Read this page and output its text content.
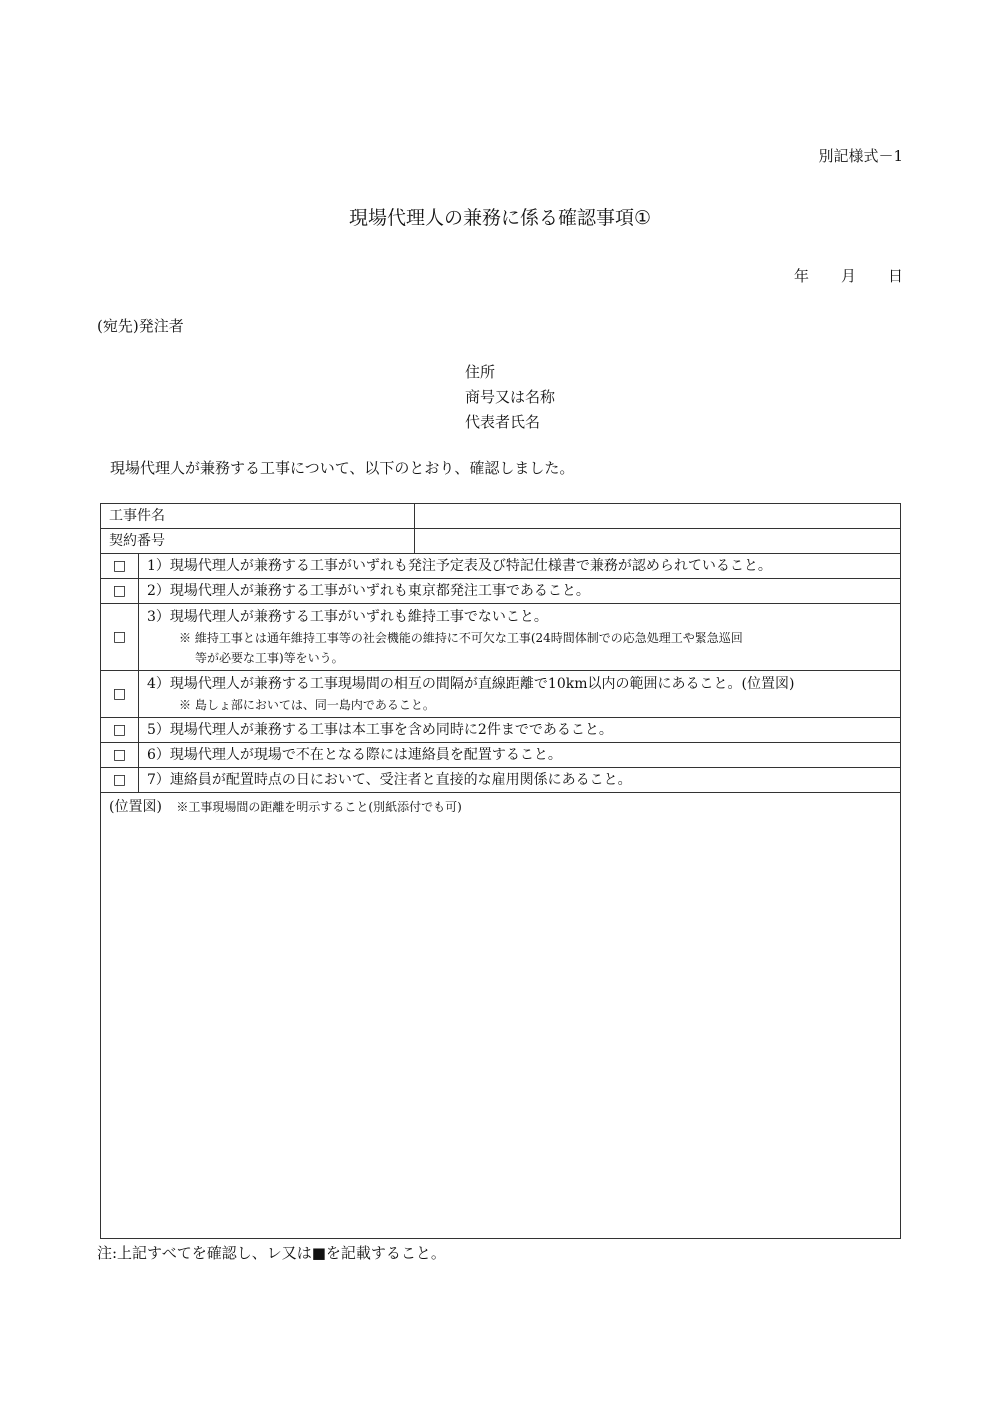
別記様式－1
現場代理人の兼務に係る確認事項①
年 月 日
(宛先)発注者
住所
商号又は名称
代表者氏名
現場代理人が兼務する工事について、以下のとおり、確認しました。
工事件名		
契約番号		
□	1）現場代理人が兼務する工事がいずれも発注予定表及び特記仕様書で兼務が認められていること。	
□	2）現場代理人が兼務する工事がいずれも東京都発注工事であること。	
□	3）現場代理人が兼務する工事がいずれも維持工事でないこと。
※ 維持工事とは通年維持工事等の社会機能の維持に不可欠な工事(24時間体制での応急処理工や緊急巡回
等が必要な工事)等をいう。	

□	4）現場代理人が兼務する工事現場間の相互の間隔が直線距離で10km以内の範囲にあること。(位置図)
※ 島しょ部においては、同一島内であること。	

□	5）現場代理人が兼務する工事は本工事を含め同時に2件までであること。	
□	6）現場代理人が現場で不在となる際には連絡員を配置すること。	
□	7）連絡員が配置時点の日において、受注者と直接的な雇用関係にあること。	
(位置図) ※工事現場間の距離を明示すること(別紙添付でも可)		
注:上記すべてを確認し、レ又は■を記載すること。
